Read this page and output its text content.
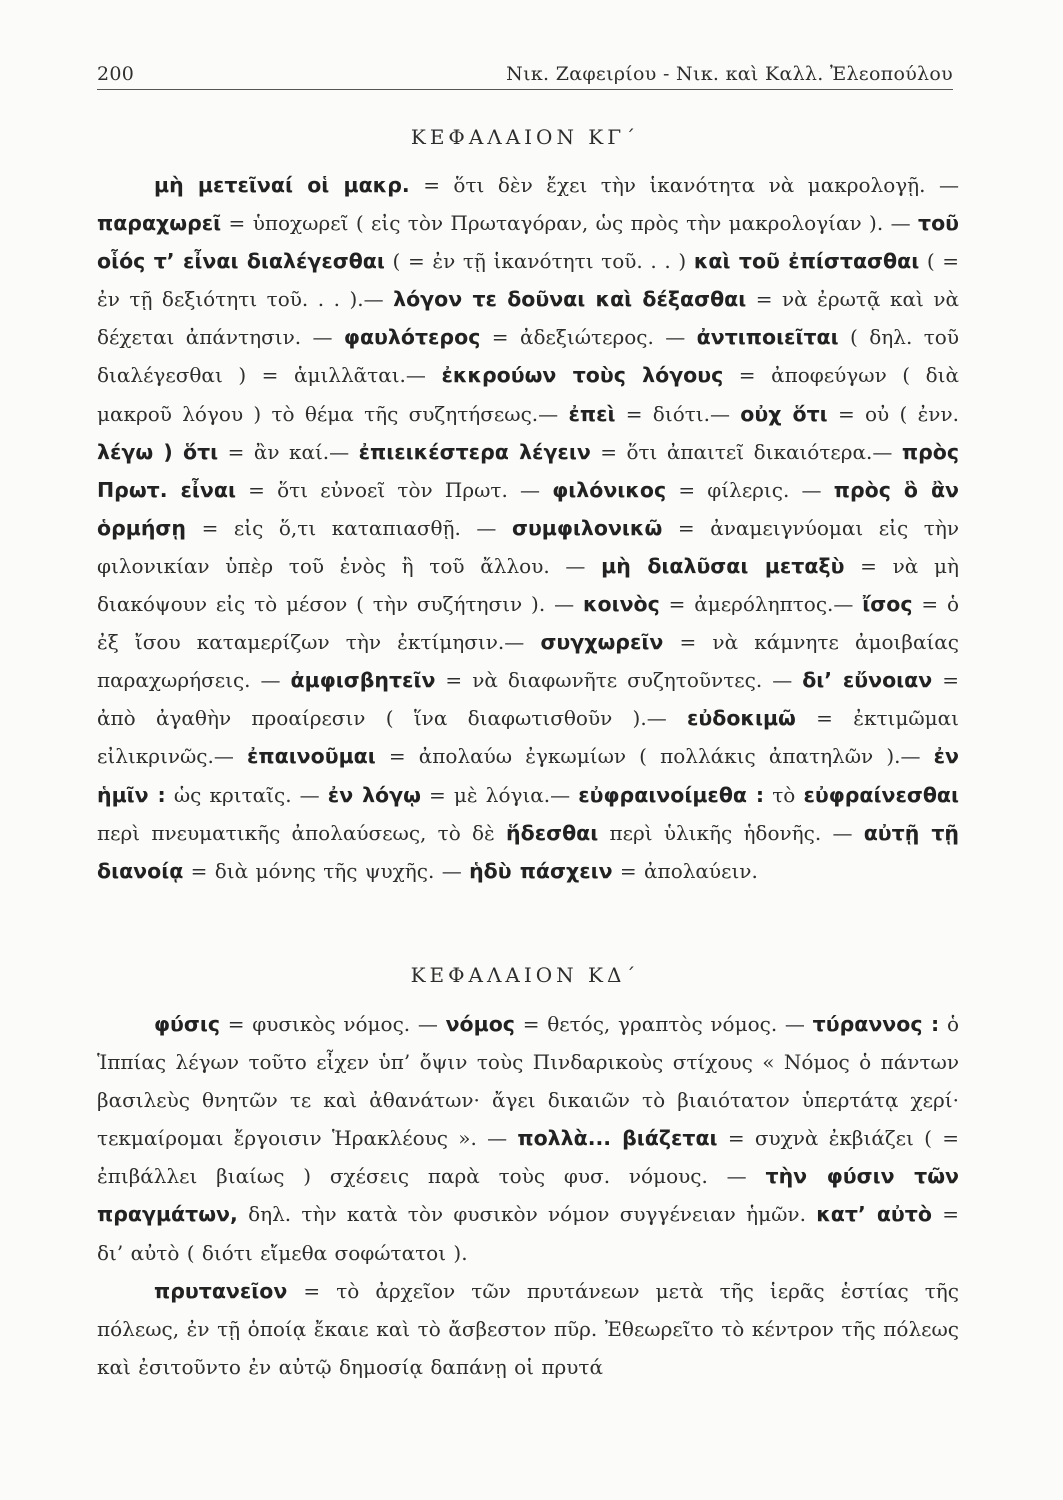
200	Νικ. Ζαφειρίου - Νικ. καὶ Καλλ. Ἐλεοπούλου
ΚΕΦΑΛΑΙΟΝ ΚΓ΄

μὴ μετεῖναί οἱ μακρ. = ὅτι δὲν ἔχει τὴν ἱκανότητα νὰ μακρολογῇ. — παραχωρεῖ = ὑποχωρεῖ ( εἰς τὸν Πρωταγόραν, ὡς πρὸς τὴν μακρολογίαν ). — τοῦ οἷός τ’ εἶναι διαλέγεσθαι ( = ἐν τῇ ἱκανότητι τοῦ. . . ) καὶ τοῦ ἐπίστασθαι ( = ἐν τῇ δεξιότητι τοῦ. . . ).— λόγον τε δοῦναι καὶ δέξασθαι = νὰ ἐρωτᾷ καὶ νὰ δέχεται ἀπάντησιν. — φαυλότερος = ἀδεξιώτερος. — ἀντιποιεῖται ( δηλ. τοῦ διαλέγεσθαι ) = ἁμιλλᾶται.— ἐκκρούων τοὺς λόγους = ἀποφεύγων ( διὰ μακροῦ λόγου ) τὸ θέμα τῆς συζητήσεως.— ἐπεὶ = διότι.— οὐχ ὅτι = οὐ ( ἐνν. λέγω ) ὅτι = ἂν καί.— ἐπιεικέστερα λέγειν = ὅτι ἀπαιτεῖ δικαιότερα.— πρὸς Πρωτ. εἶναι = ὅτι εὐνοεῖ τὸν Πρωτ. — φιλόνικος = φίλερις. — πρὸς ὃ ἂν ὁρμήσῃ = εἰς ὅ,τι καταπιασθῇ. — συμφιλονικῶ = ἀναμειγνύομαι εἰς τὴν φιλονικίαν ὑπὲρ τοῦ ἑνὸς ἢ τοῦ ἄλλου. — μὴ διαλῦσαι μεταξὺ = νὰ μὴ διακόψουν εἰς τὸ μέσον ( τὴν συζήτησιν ). — κοινὸς = ἀμερόληπτος.— ἴσος = ὁ ἐξ ἴσου καταμερίζων τὴν ἐκτίμησιν.— συγχωρεῖν = νὰ κάμνητε ἀμοιβαίας παραχωρήσεις. — ἀμφισβητεῖν = νὰ διαφωνῆτε συζητοῦντες. — δι’ εὔνοιαν = ἀπὸ ἀγαθὴν προαίρεσιν ( ἵνα διαφωτισθοῦν ).— εὐδοκιμῶ = ἐκτιμῶμαι εἰλικρινῶς.— ἐπαινοῦμαι = ἀπολαύω ἐγκωμίων ( πολλάκις ἀπατηλῶν ).— ἐν ἡμῖν : ὡς κριταῖς. — ἐν λόγῳ = μὲ λόγια.— εὐφραινοίμεθα : τὸ εὐφραίνεσθαι περὶ πνευματικῆς ἀπολαύσεως, τὸ δὲ ἥδεσθαι περὶ ὑλικῆς ἡδονῆς. — αὐτῇ τῇ διανοίᾳ = διὰ μόνης τῆς ψυχῆς. — ἡδὺ πάσχειν = ἀπολαύειν.

ΚΕΦΑΛΑΙΟΝ ΚΔ΄

φύσις = φυσικὸς νόμος. — νόμος = θετός, γραπτὸς νόμος. — τύραννος : ὁ Ἱππίας λέγων τοῦτο εἶχεν ὑπ’ ὄψιν τοὺς Πινδαρικοὺς στίχους « Νόμος ὁ πάντων βασιλεὺς θνητῶν τε καὶ ἀθανάτων· ἄγει δικαιῶν τὸ βιαιότατον ὑπερτάτᾳ χερί· τεκμαίρομαι ἔργοισιν Ἡρακλέους ». — πολλὰ... βιάζεται = συχνὰ ἐκβιάζει ( = ἐπιβάλλει βιαίως ) σχέσεις παρὰ τοὺς φυσ. νόμους. — τὴν φύσιν τῶν πραγμάτων, δηλ. τὴν κατὰ τὸν φυσικὸν νόμον συγγένειαν ἡμῶν. κατ’ αὐτὸ = δι’ αὐτὸ ( διότι εἴμεθα σοφώτατοι ).

πρυτανεῖον = τὸ ἀρχεῖον τῶν πρυτάνεων μετὰ τῆς ἱερᾶς ἑστίας τῆς πόλεως, ἐν τῇ ὁποίᾳ ἔκαιε καὶ τὸ ἄσβεστον πῦρ. Ἐθεωρεῖτο τὸ κέντρον τῆς πόλεως καὶ ἐσιτοῦντο ἐν αὐτῷ δημοσίᾳ δαπάνῃ οἱ πρυτά
